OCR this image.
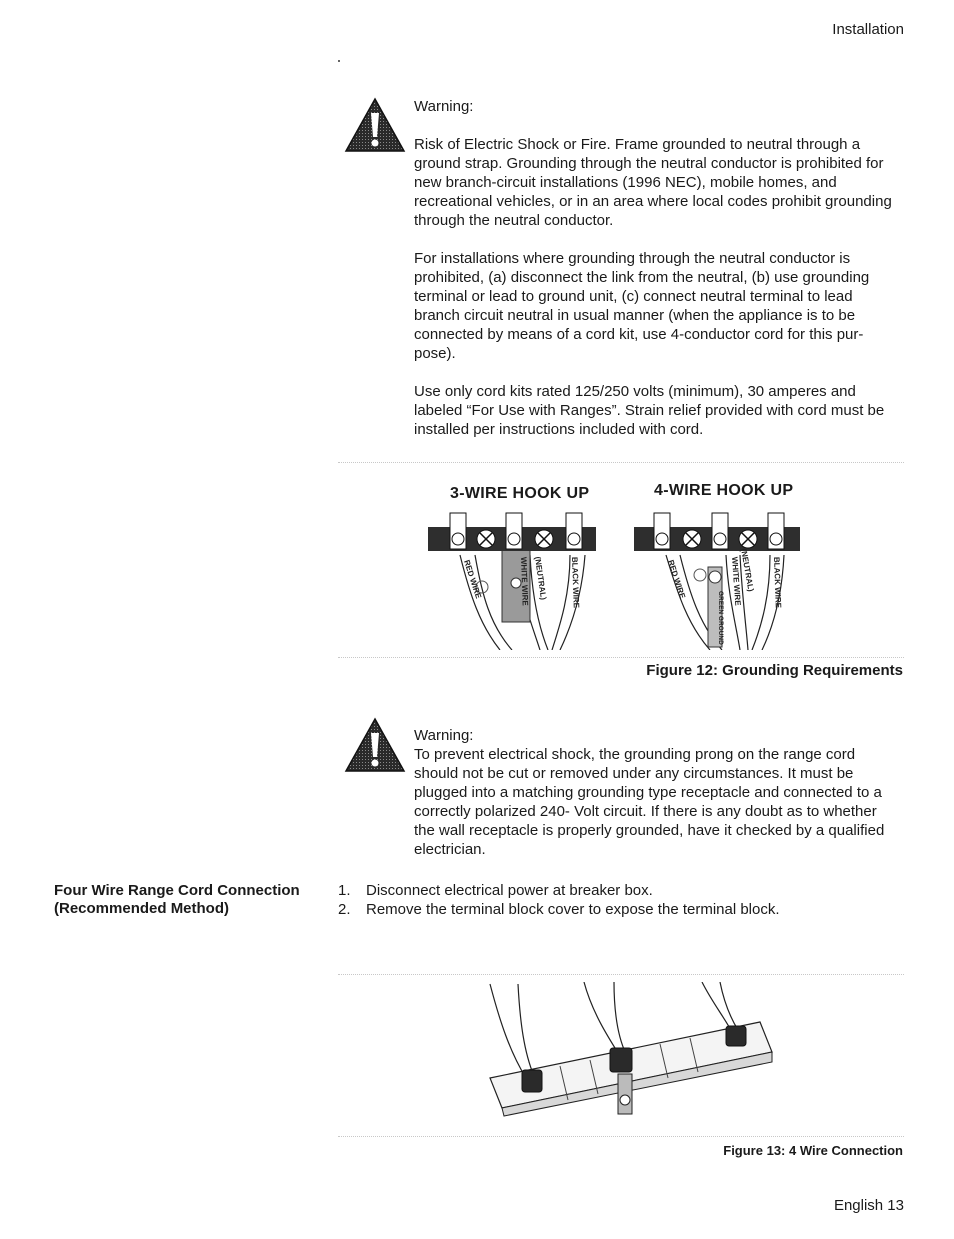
Installation

Warning:

Risk of Electric Shock or Fire. Frame grounded to neutral through a ground strap. Grounding through the neutral conductor is prohibited for new branch-circuit installations (1996 NEC), mobile homes, and recreational vehicles, or in an area where local codes prohibit grounding through the neutral conductor.

For installations where grounding through the neutral conductor is prohibited, (a) disconnect the link from the neutral, (b) use grounding terminal or lead to ground unit, (c) connect neutral terminal to lead branch circuit neutral in usual manner (when the appliance is to be connected by means of a cord kit, use 4-conductor cord for this pur-pose).

Use only cord kits rated 125/250 volts (minimum), 30 amperes and labeled “For Use with Ranges”. Strain relief provided with cord must be installed per instructions included with cord.

3-WIRE HOOK UP	4-WIRE HOOK UP
RED WIRE	WHITE WIRE (NEUTRAL)	BLACK WIRE	RED WIRE
GREEN GROUND
WHITE WIRE
(NEUTRAL) BLACK WIRE
Figure 12: Grounding Requirements

Warning:

To prevent electrical shock, the grounding prong on the range cord should not be cut or removed under any circumstances. It must be plugged into a matching grounding type receptacle and connected to a correctly polarized 240- Volt circuit. If there is any doubt as to whether the wall receptacle is properly grounded, have it checked by a qualified electrician.

Four Wire Range Cord Connection
(Recommended Method)
1.	Disconnect electrical power at breaker box.
2.	Remove the terminal block cover to expose the terminal block.
Figure 13: 4 Wire Connection
English 13
